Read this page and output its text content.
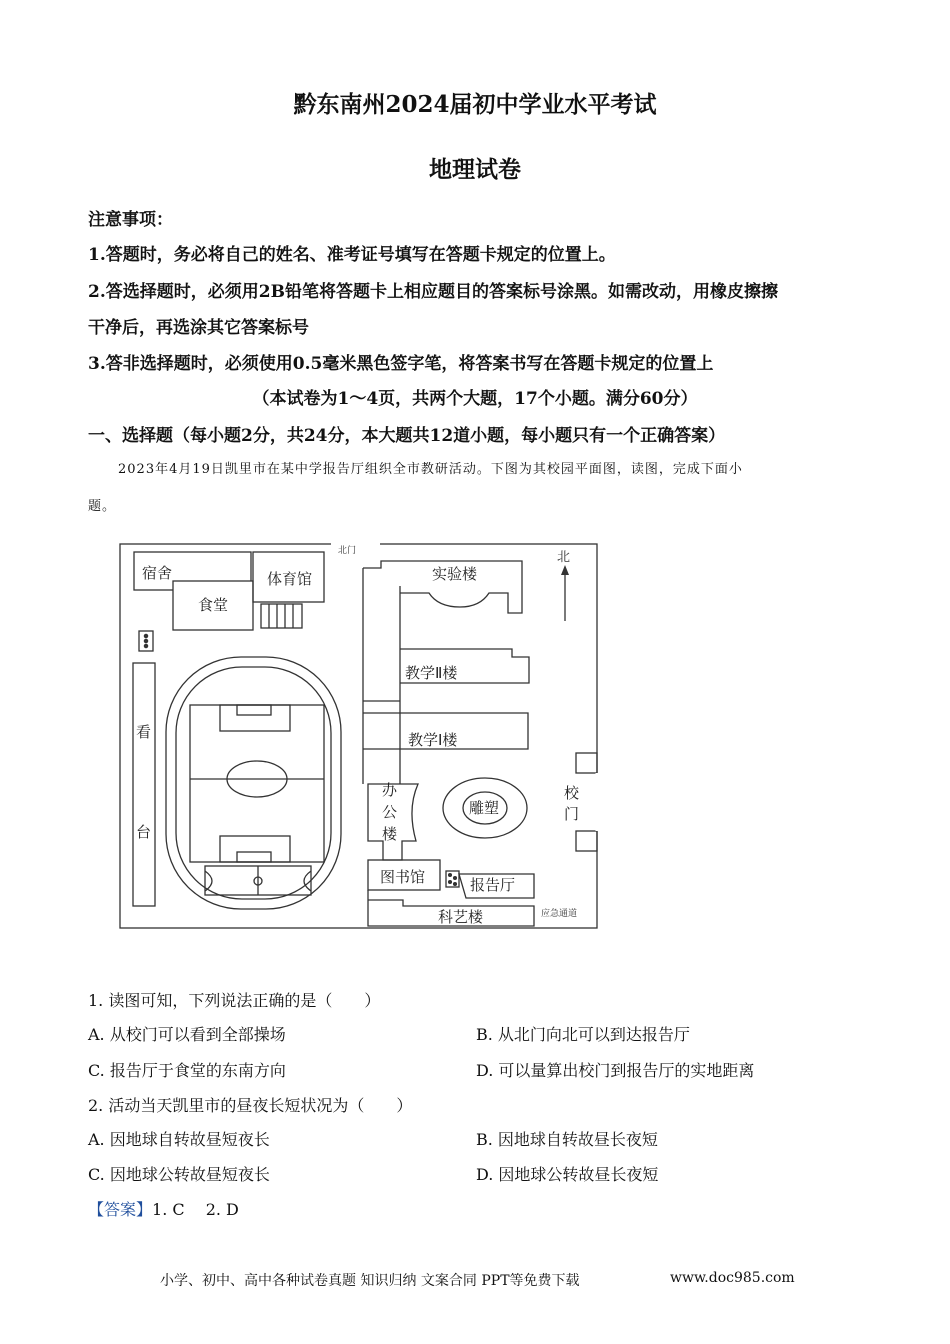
黔东南州2024届初中学业水平考试
地理试卷
注意事项：
1.答题时，务必将自己的姓名、准考证号填写在答题卡规定的位置上。
2.答选择题时，必须用2B铅笔将答题卡上相应题目的答案标号涂黑。如需改动，用橡皮擦擦
干净后，再选涂其它答案标号
3.答非选择题时，必须使用0.5毫米黑色签字笔，将答案书写在答题卡规定的位置上
（本试卷为1～4页，共两个大题，17个小题。满分60分）
一、选择题（每小题2分，共24分，本大题共12道小题，每小题只有一个正确答案）
2023年4月19日凯里市在某中学报告厅组织全市教研活动。下图为其校园平面图，读图，完成下面小
题。
北门	北
宿舍
食堂
体育馆
看
台
实验楼
教学Ⅱ楼
教学Ⅰ楼
办
公
楼
雕塑
校
门
图书馆	报告厅
科艺楼	应急通道
1. 读图可知，下列说法正确的是（　　）
A. 从校门可以看到全部操场	B. 从北门向北可以到达报告厅
C. 报告厅于食堂的东南方向	D. 可以量算出校门到报告厅的实地距离
2. 活动当天凯里市的昼夜长短状况为（　　）
A. 因地球自转故昼短夜长	B. 因地球自转故昼长夜短
C. 因地球公转故昼短夜长	D. 因地球公转故昼长夜短
【答案】1. C　 2. D
小学、初中、高中各种试卷真题 知识归纳 文案合同 PPT等免费下载	www.doc985.com
